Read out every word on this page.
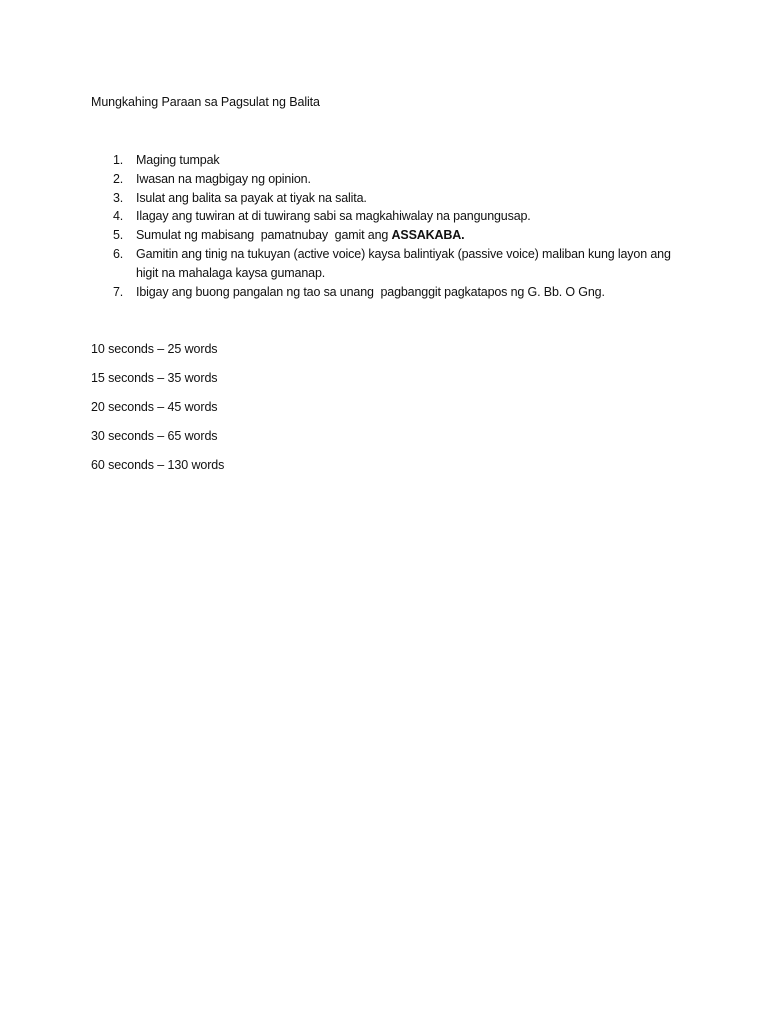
Mungkahing Paraan sa Pagsulat ng Balita
1. Maging tumpak
2. Iwasan na magbigay ng opinion.
3. Isulat ang balita sa payak at tiyak na salita.
4. Ilagay ang tuwiran at di tuwirang sabi sa magkahiwalay na pangungusap.
5. Sumulat ng mabisang  pamatnubay  gamit ang ASSAKABA.
6. Gamitin ang tinig na tukuyan (active voice) kaysa balintiyak (passive voice) maliban kung layon ang higit na mahalaga kaysa gumanap.
7. Ibigay ang buong pangalan ng tao sa unang  pagbanggit pagkatapos ng G. Bb. O Gng.
10 seconds – 25 words
15 seconds – 35 words
20 seconds – 45 words
30 seconds – 65 words
60 seconds – 130 words
